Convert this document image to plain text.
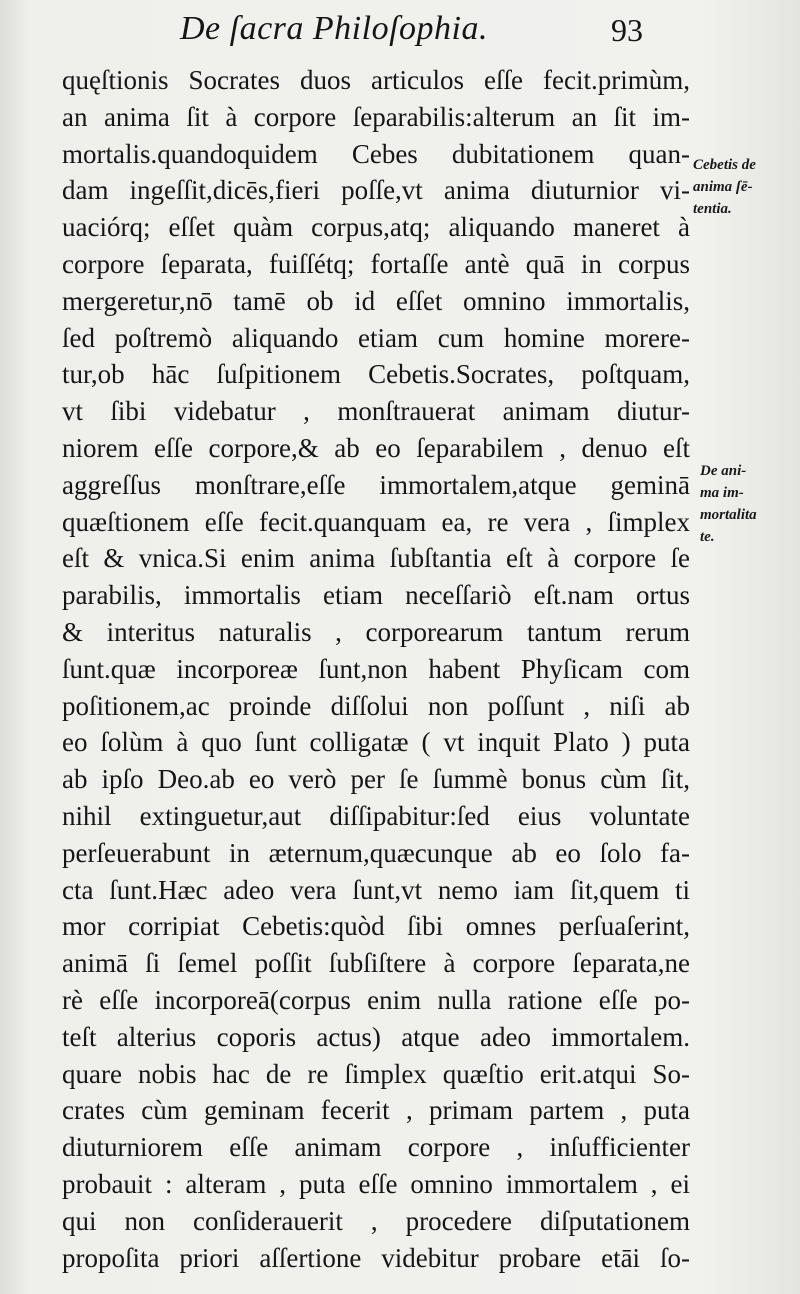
De ſacra Philoſophia.	93
quęſtionis Socrates duos articulos eſſe fecit.primùm,
an anima ſit à corpore ſeparabilis:alterum an ſit im-
mortalis.quandoquidem Cebes dubitationem quan-
dam ingeſſit,dicēs,fieri poſſe,vt anima diuturnior vi-
uaciórq; eſſet quàm corpus,atq; aliquando maneret à
corpore ſeparata, fuiſſétq; fortaſſe antè quā in corpus
mergeretur,nō tamē ob id eſſet omnino immortalis,
ſed poſtremò aliquando etiam cum homine morere-
tur,ob hāc ſuſpitionem Cebetis.Socrates, poſtquam,
vt ſibi videbatur , monſtrauerat animam diutur-
niorem eſſe corpore,& ab eo ſeparabilem , denuo eſt
aggreſſus monſtrare,eſſe immortalem,atque geminā
quæſtionem eſſe fecit.quanquam ea, re vera , ſimplex
eſt & vnica.Si enim anima ſubſtantia eſt à corpore ſe
parabilis, immortalis etiam neceſſariò eſt.nam ortus
& interitus naturalis , corporearum tantum rerum
ſunt.quæ incorporeæ ſunt,non habent Phyſicam com
poſitionem,ac proinde diſſolui non poſſunt , niſi ab
eo ſolùm à quo ſunt colligatæ ( vt inquit Plato ) puta
ab ipſo Deo.ab eo verò per ſe ſummè bonus cùm ſit,
nihil extinguetur,aut diſſipabitur:ſed eius voluntate
perſeuerabunt in æternum,quæcunque ab eo ſolo fa-
cta ſunt.Hæc adeo vera ſunt,vt nemo iam ſit,quem ti
mor corripiat Cebetis:quòd ſibi omnes perſuaſerint,
animā ſi ſemel poſſit ſubſiſtere à corpore ſeparata,ne
rè eſſe incorporeā(corpus enim nulla ratione eſſe po-
teſt alterius coporis actus) atque adeo immortalem.
quare nobis hac de re ſimplex quæſtio erit.atqui So-
crates cùm geminam fecerit , primam partem , puta
diuturniorem eſſe animam corpore , inſufficienter
probauit : alteram , puta eſſe omnino immortalem , ei
qui non conſiderauerit , procedere diſputationem
propoſita priori aſſertione videbitur probare etāi ſo-
Cebetis de
anima ſē-
tentia.
De ani-
ma im-
mortalita
te.
